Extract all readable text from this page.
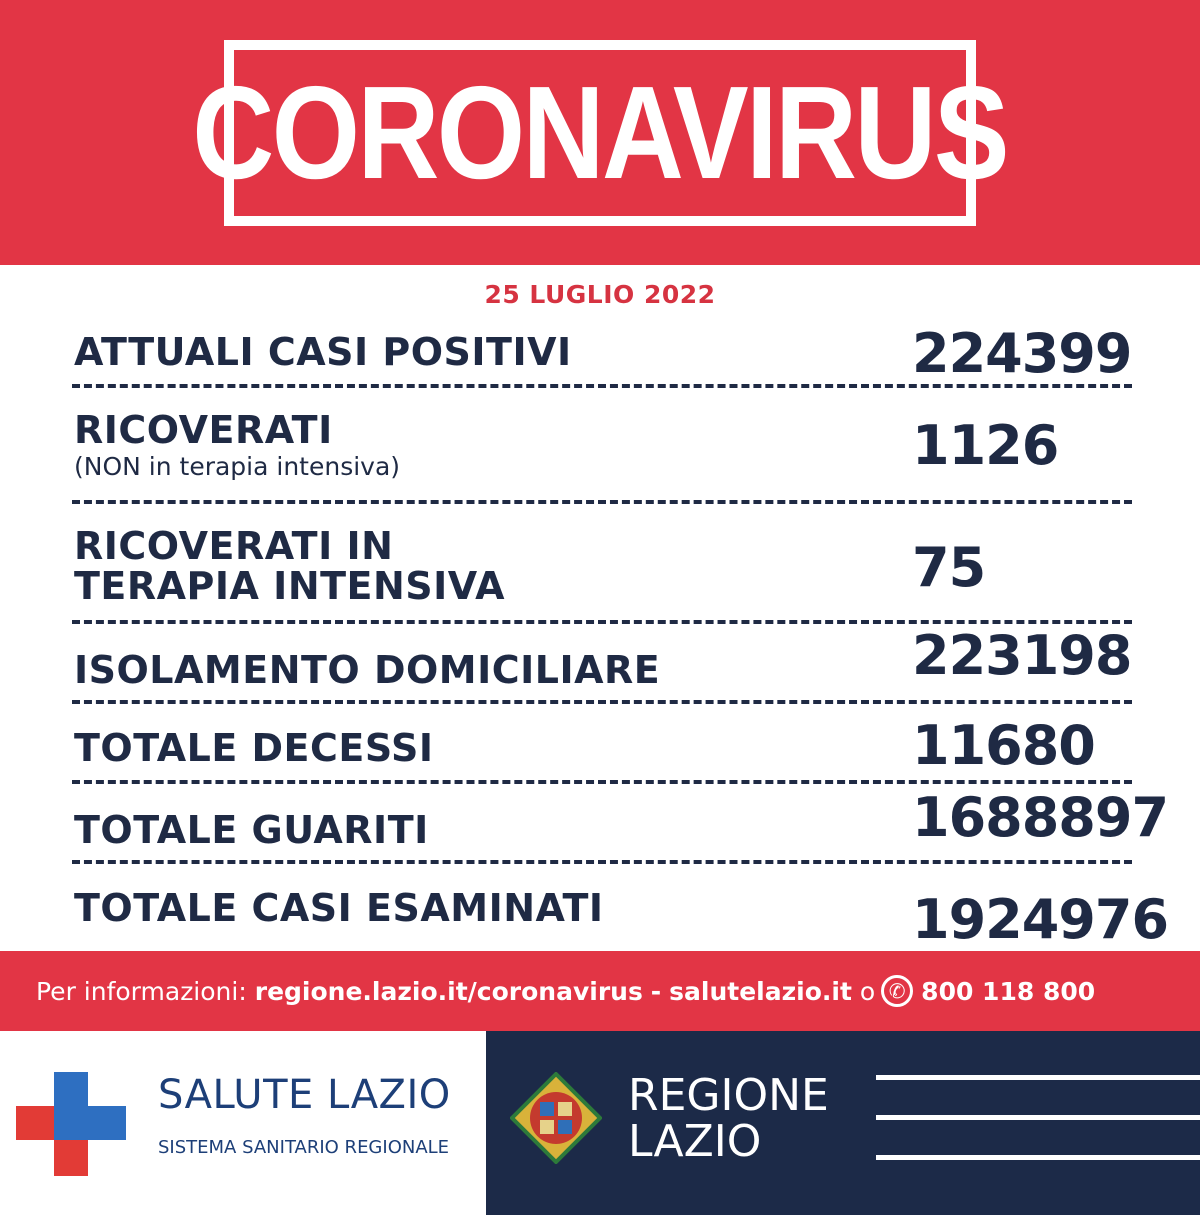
CORONAVIRUS
25 LUGLIO 2022
ATTUALI CASI POSITIVI	224399
RICOVERATI
(NON in terapia intensiva)	1126
RICOVERATI IN
TERAPIA INTENSIVA	75
ISOLAMENTO DOMICILIARE	223198
TOTALE DECESSI	11680
TOTALE GUARITI	1688897
TOTALE CASI ESAMINATI	1924976
Per informazioni:
regione.lazio.it/coronavirus
-
salutelazio.it
o ✆ 800 118 800
SALUTE LAZIO
SISTEMA SANITARIO REGIONALE
REGIONE
LAZIO
